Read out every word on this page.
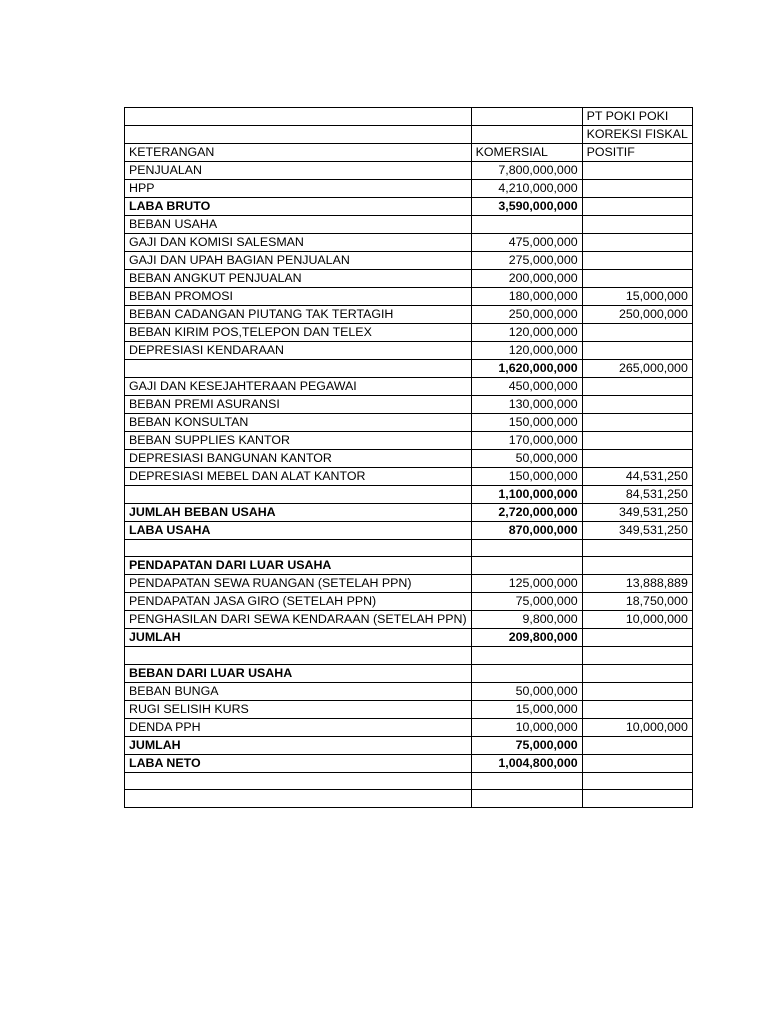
		PT POKI POKI
		KOREKSI FISKAL
KETERANGAN	KOMERSIAL	POSITIF
PENJUALAN	7,800,000,000	
HPP	4,210,000,000	
LABA BRUTO	3,590,000,000	
BEBAN USAHA		
GAJI DAN KOMISI SALESMAN	475,000,000	
GAJI DAN UPAH BAGIAN PENJUALAN	275,000,000	
BEBAN ANGKUT PENJUALAN	200,000,000	
BEBAN PROMOSI	180,000,000	15,000,000
BEBAN CADANGAN PIUTANG TAK TERTAGIH	250,000,000	250,000,000
BEBAN KIRIM POS,TELEPON DAN TELEX	120,000,000	
DEPRESIASI KENDARAAN	120,000,000	
	1,620,000,000	265,000,000
GAJI DAN KESEJAHTERAAN PEGAWAI	450,000,000	
BEBAN PREMI ASURANSI	130,000,000	
BEBAN KONSULTAN	150,000,000	
BEBAN SUPPLIES KANTOR	170,000,000	
DEPRESIASI BANGUNAN KANTOR	50,000,000	
DEPRESIASI MEBEL DAN ALAT KANTOR	150,000,000	44,531,250
	1,100,000,000	84,531,250
JUMLAH BEBAN USAHA	2,720,000,000	349,531,250
LABA USAHA	870,000,000	349,531,250

PENDAPATAN DARI LUAR USAHA		
PENDAPATAN SEWA RUANGAN (SETELAH PPN)	125,000,000	13,888,889
PENDAPATAN JASA GIRO (SETELAH PPN)	75,000,000	18,750,000
PENGHASILAN DARI SEWA KENDARAAN (SETELAH PPN)	9,800,000	10,000,000
JUMLAH	209,800,000	

BEBAN DARI LUAR USAHA		
BEBAN BUNGA	50,000,000	
RUGI SELISIH KURS	15,000,000	
DENDA PPH	10,000,000	10,000,000
JUMLAH	75,000,000	
LABA NETO	1,004,800,000	
